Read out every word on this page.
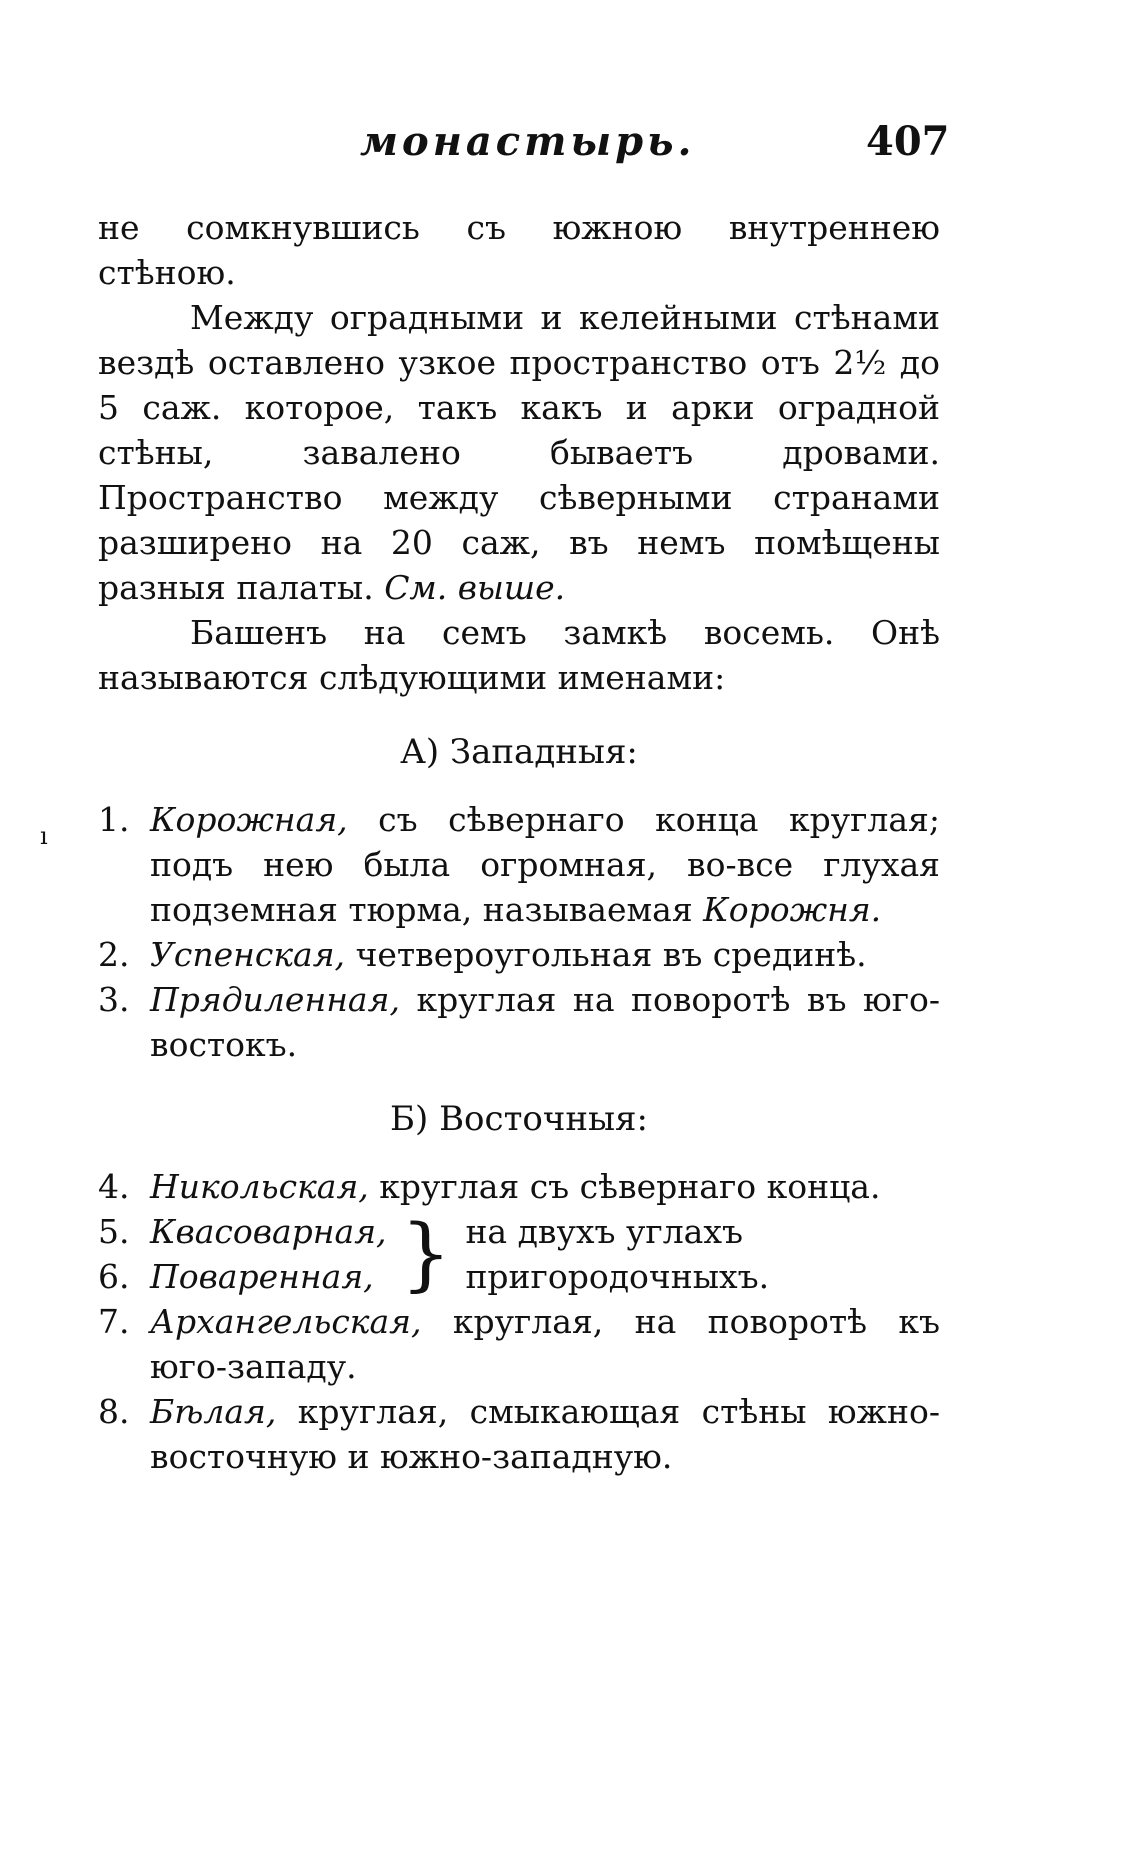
монастырь.	407
ı

не сомкнувшись съ южною внутреннею стѣною.

Между оградными и келейными стѣнами вездѣ оставлено узкое пространство отъ 2½ до 5 саж. которое, такъ какъ и арки оградной стѣны, завалено бываетъ дровами. Пространство между сѣверными странами разширено на 20 саж, въ немъ помѣщены разныя палаты. См. выше.

Башенъ на семъ замкѣ восемь. Онѣ называются слѣдующими именами:

А) Западныя:
1. Корожная, съ сѣвернаго конца круглая; подъ нею была огромная, во-все глухая подземная тюрма, называемая Корожня.
2. Успенская, четвероугольная въ срединѣ.
3. Прядиленная, круглая на поворотѣ въ юго-востокъ.
Б) Восточныя:
4. Никольская, круглая съ сѣвернаго конца.
5. Квасоварная,
6. Поваренная, } на двухъ углахъ пригородочныхъ.
7. Архангельская, круглая, на поворотѣ къ юго-западу.
8. Бѣлая, круглая, смыкающая стѣны южно-восточную и южно-западную.
